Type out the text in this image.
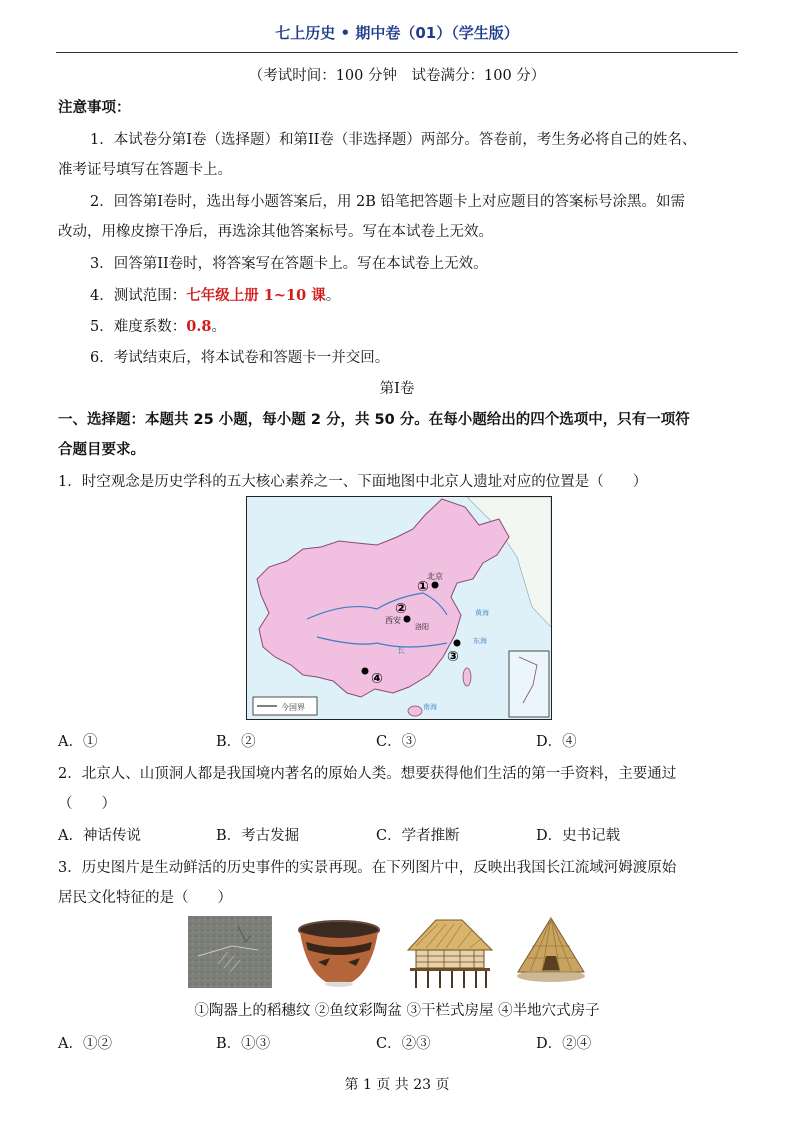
七上历史 • 期中卷（01）（学生版）
（考试时间：100 分钟　试卷满分：100 分）
注意事项：
1．本试卷分第I卷（选择题）和第II卷（非选择题）两部分。答卷前，考生务必将自己的姓名、
准考证号填写在答题卡上。
2．回答第I卷时，选出每小题答案后，用 2B 铅笔把答题卡上对应题目的答案标号涂黑。如需
改动，用橡皮擦干净后，再选涂其他答案标号。写在本试卷上无效。
3．回答第II卷时，将答案写在答题卡上。写在本试卷上无效。
4．测试范围：七年级上册 1~10 课。
5．难度系数：0.8。
6．考试结束后，将本试卷和答题卡一并交回。
第I卷
一、选择题：本题共 25 小题，每小题 2 分，共 50 分。在每小题给出的四个选项中，只有一项符
合题目要求。
1．时空观念是历史学科的五大核心素养之一、下面地图中北京人遗址对应的位置是（　　）
今国界
北京
西安
洛阳
黄海
东海
南海
长
①
②
③
④
A．①	B．②	C．③	D．④
2．北京人、山顶洞人都是我国境内著名的原始人类。想要获得他们生活的第一手资料，主要通过
（　　）
A．神话传说	B．考古发掘	C．学者推断	D．史书记载
3．历史图片是生动鲜活的历史事件的实景再现。在下列图片中，反映出我国长江流域河姆渡原始
居民文化特征的是（　　）
①陶器上的稻穗纹 ②鱼纹彩陶盆 ③干栏式房屋 ④半地穴式房子
A．①②	B．①③	C．②③	D．②④
第 1 页 共 23 页
